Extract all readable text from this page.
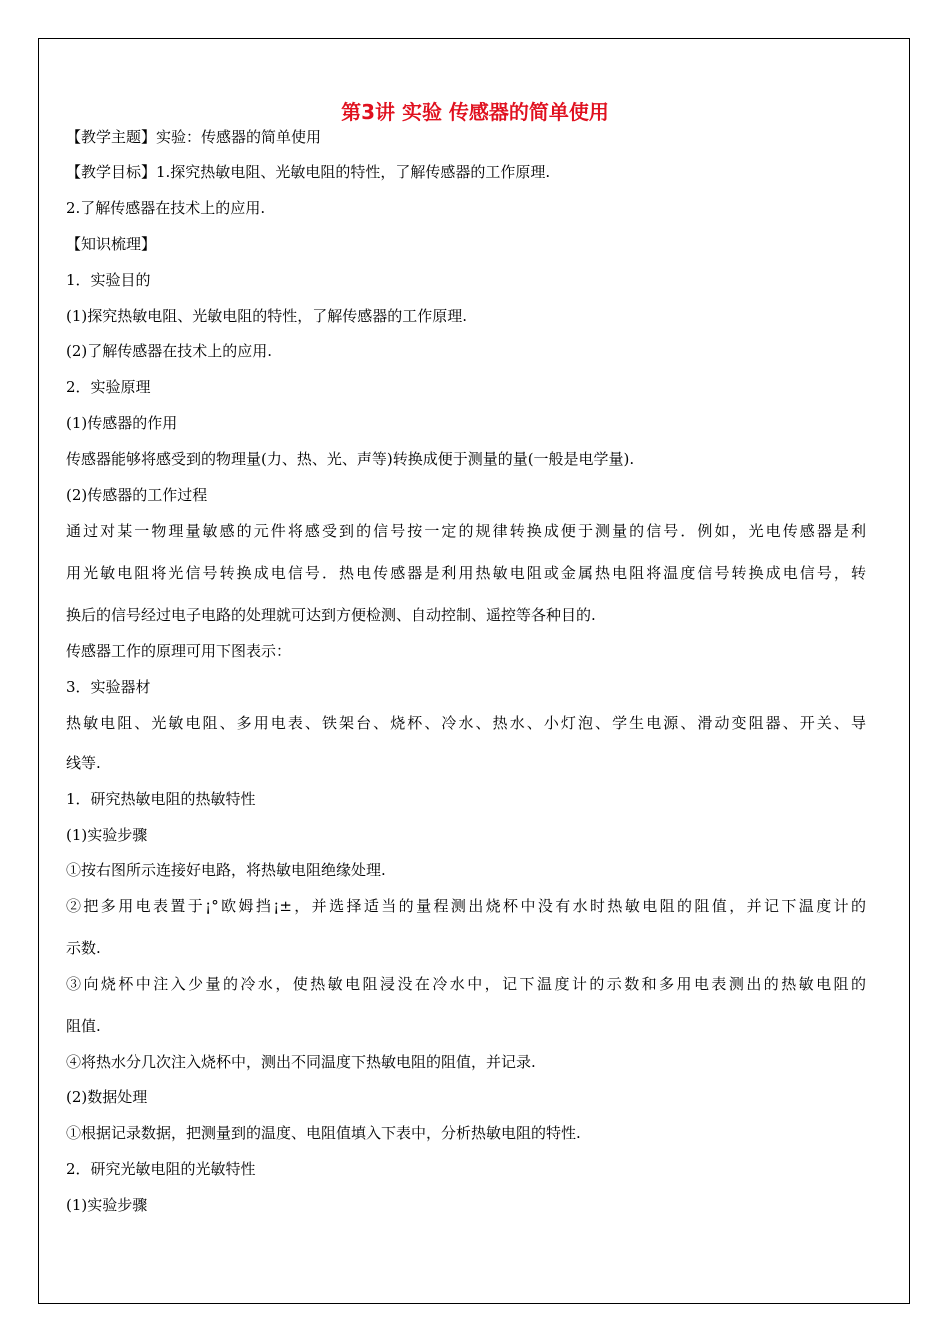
第3讲 实验 传感器的简单使用
【教学主题】实验：传感器的简单使用
【教学目标】1.探究热敏电阻、光敏电阻的特性，了解传感器的工作原理.
2.了解传感器在技术上的应用.
【知识梳理】
1．实验目的
(1)探究热敏电阻、光敏电阻的特性，了解传感器的工作原理.
(2)了解传感器在技术上的应用.
2．实验原理
(1)传感器的作用
传感器能够将感受到的物理量(力、热、光、声等)转换成便于测量的量(一般是电学量).
(2)传感器的工作过程
通过对某一物理量敏感的元件将感受到的信号按一定的规律转换成便于测量的信号．例如，光电传感器是利
用光敏电阻将光信号转换成电信号．热电传感器是利用热敏电阻或金属热电阻将温度信号转换成电信号，转
换后的信号经过电子电路的处理就可达到方便检测、自动控制、遥控等各种目的.
传感器工作的原理可用下图表示：
3．实验器材
热敏电阻、光敏电阻、多用电表、铁架台、烧杯、冷水、热水、小灯泡、学生电源、滑动变阻器、开关、导
线等.
1．研究热敏电阻的热敏特性
(1)实验步骤
①按右图所示连接好电路，将热敏电阻绝缘处理.
②把多用电表置于¡°欧姆挡¡±，并选择适当的量程测出烧杯中没有水时热敏电阻的阻值，并记下温度计的
示数.
③向烧杯中注入少量的冷水，使热敏电阻浸没在冷水中，记下温度计的示数和多用电表测出的热敏电阻的
阻值.
④将热水分几次注入烧杯中，测出不同温度下热敏电阻的阻值，并记录.
(2)数据处理
①根据记录数据，把测量到的温度、电阻值填入下表中，分析热敏电阻的特性.
2．研究光敏电阻的光敏特性
(1)实验步骤
